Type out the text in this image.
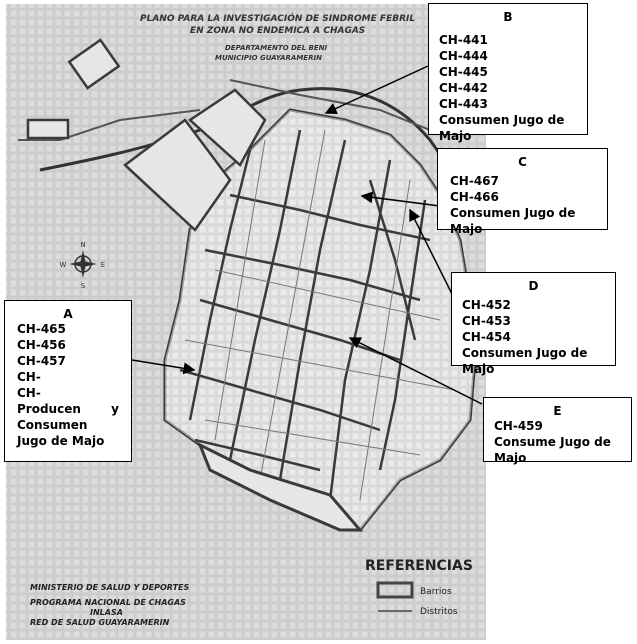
N
E
S
W
REFERENCIAS
Barrios
Distritos
PLANO PARA LA INVESTIGACIÓN DE SINDROME FEBRIL
EN ZONA NO ENDEMICA A CHAGAS
DEPARTAMENTO DEL BENI
MUNICIPIO GUAYARAMERIN
MINISTERIO DE SALUD Y DEPORTES
PROGRAMA NACIONAL DE CHAGAS
INLASA
RED DE SALUD GUAYARAMERIN
B
CH-441
CH-444
CH-445
CH-442
CH-443
Consumen Jugo de Majo
C
CH-467
CH-466
Consumen Jugo de Majo
D
CH-452
CH-453
CH-454
Consumen Jugo de Majo
E
CH-459
Consume Jugo de Majo
A
CH-465
CH-456
CH-457
CH-
CH-
Producen y Consumen Jugo de Majo
